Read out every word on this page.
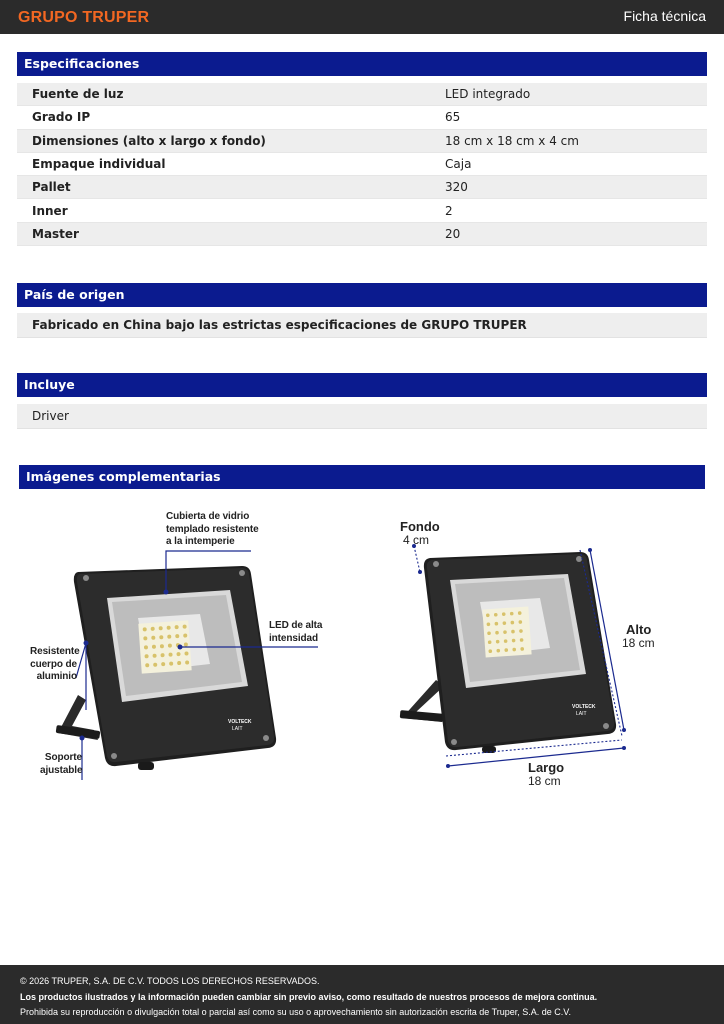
GRUPO TRUPER	Ficha técnica
Especificaciones
Fuente de luz	LED integrado
Grado IP	65
Dimensiones (alto x largo x fondo)	18 cm x 18 cm x 4 cm
Empaque individual	Caja
Pallet	320
Inner	2
Master	20
País de origen
Fabricado en China bajo las estrictas especificaciones de GRUPO TRUPER
Incluye
Driver
Imágenes complementarias
VOLTECK
LAIT
Cubierta de vidrio
templado resistente
a la intemperie
LED de alta
intensidad
Resistente
cuerpo de
aluminio
Soporte
ajustable
VOLTECK
LAIT
Fondo
4 cm
Alto
18 cm
Largo
18 cm
© 2026 TRUPER, S.A. DE C.V. TODOS LOS DERECHOS RESERVADOS.
Los productos ilustrados y la información pueden cambiar sin previo aviso, como resultado de nuestros procesos de mejora continua.
Prohibida su reproducción o divulgación total o parcial así como su uso o aprovechamiento sin autorización escrita de Truper, S.A. de C.V.
